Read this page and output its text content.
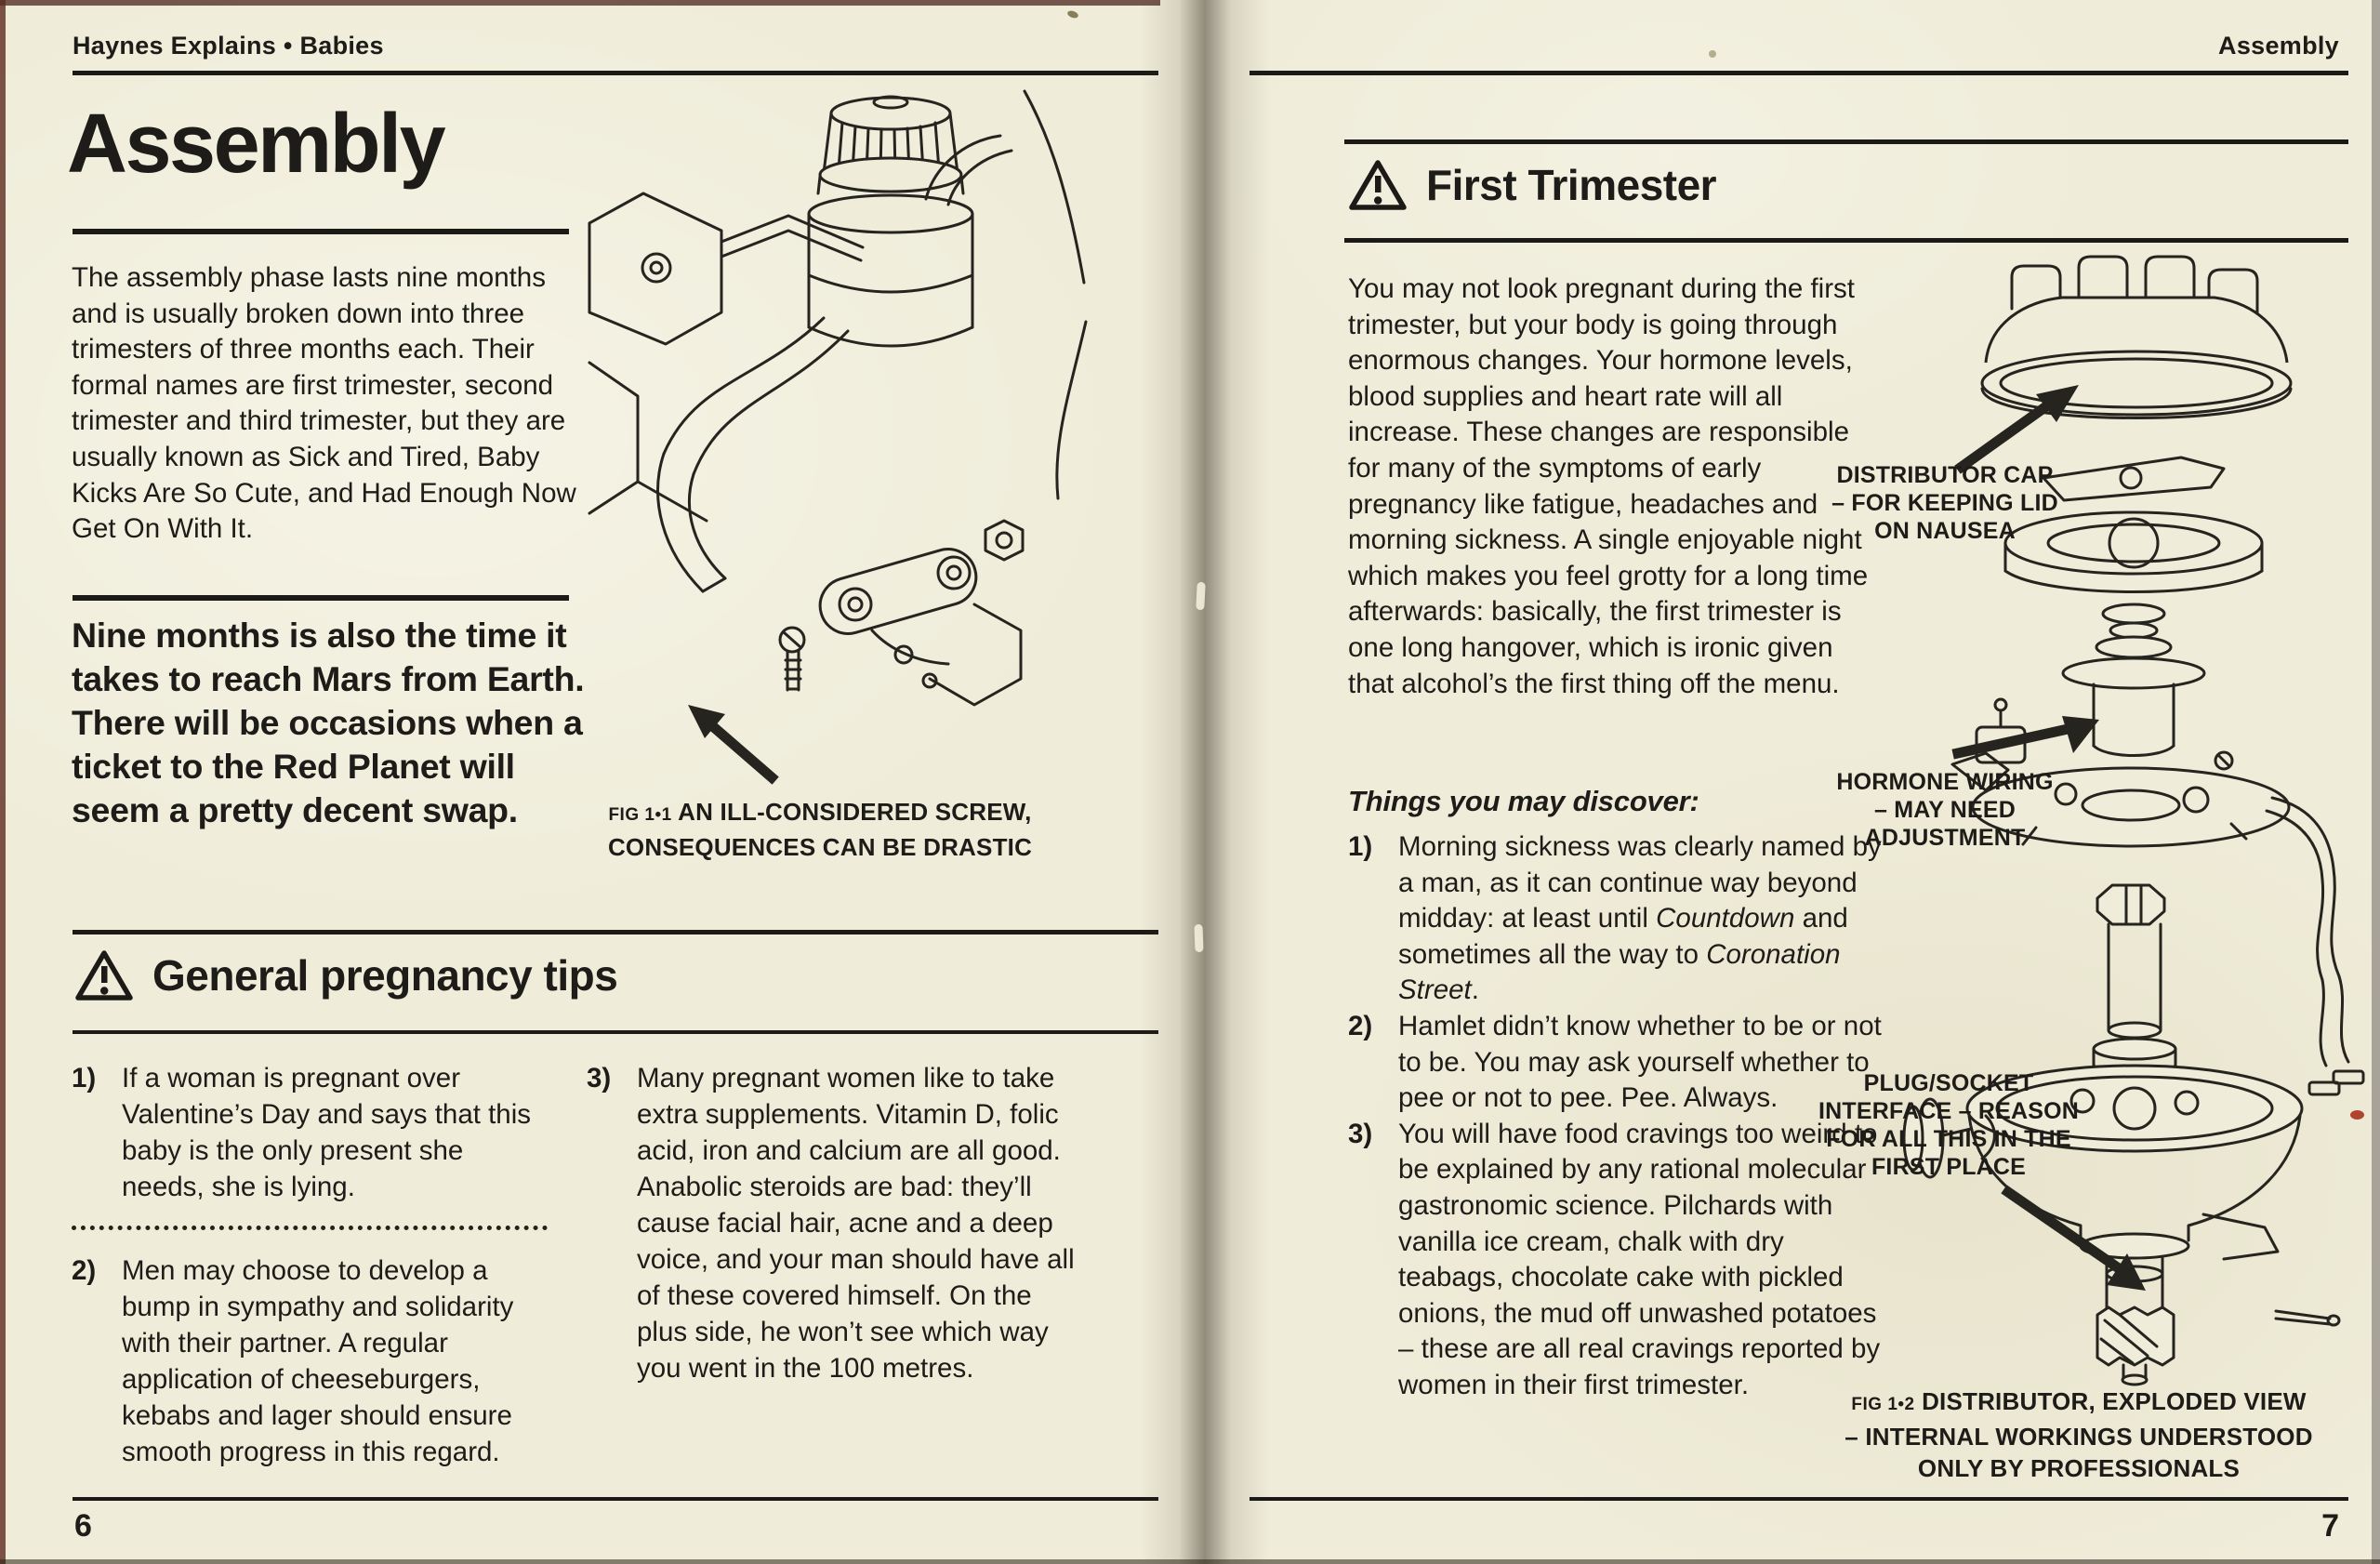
Haynes Explains • Babies
Assembly

The assembly phase lasts nine months and is usually broken down into three trimesters of three months each. Their formal names are first trimester, second trimester and third trimester, but they are usually known as Sick and Tired, Baby Kicks Are So Cute, and Had Enough Now Get On With It.

Nine months is also the time it takes to reach Mars from Earth. There will be occasions when a ticket to the Red Planet will seem a pretty decent swap.	FIG 1•1 AN ILL-CONSIDERED SCREW,
CONSEQUENCES CAN BE DRASTIC
General pregnancy tips
1) If a woman is pregnant over Valentine’s Day and says that this baby is the only present she needs, she is lying.
2) Men may choose to develop a bump in sympathy and solidarity with their partner. A regular application of cheeseburgers, kebabs and lager should ensure smooth progress in this regard.
3) Many pregnant women like to take extra supplements. Vitamin D, folic acid, iron and calcium are all good. Anabolic steroids are bad: they’ll cause facial hair, acne and a deep voice, and your man should have all of these covered himself. On the plus side, he won’t see which way you went in the 100 metres.
6
Assembly
First Trimester

You may not look pregnant during the first trimester, but your body is going through enormous changes. Your hormone levels, blood supplies and heart rate will all increase. These changes are responsible for many of the symptoms of early pregnancy like fatigue, headaches and morning sickness. A single enjoyable night which makes you feel grotty for a long time afterwards: basically, the first trimester is one long hangover, which is ironic given that alcohol’s the first thing off the menu.

Things you may discover:
1) Morning sickness was clearly named by a man, as it can continue way beyond midday: at least until Countdown and sometimes all the way to Coronation Street.
2) Hamlet didn’t know whether to be or not to be. You may ask yourself whether to pee or not to pee. Pee. Always.
3) You will have food cravings too weird to be explained by any rational molecular gastronomic science. Pilchards with vanilla ice cream, chalk with dry teabags, chocolate cake with pickled onions, the mud off unwashed potatoes – these are all real cravings reported by women in their first trimester.
DISTRIBUTOR CAP
– FOR KEEPING LID
ON NAUSEA
HORMONE WIRING
– MAY NEED
ADJUSTMENT
PLUG/SOCKET
INTERFACE – REASON
FOR ALL THIS IN THE
FIRST PLACE
FIG 1•2 DISTRIBUTOR, EXPLODED VIEW
– INTERNAL WORKINGS UNDERSTOOD
ONLY BY PROFESSIONALS
7
